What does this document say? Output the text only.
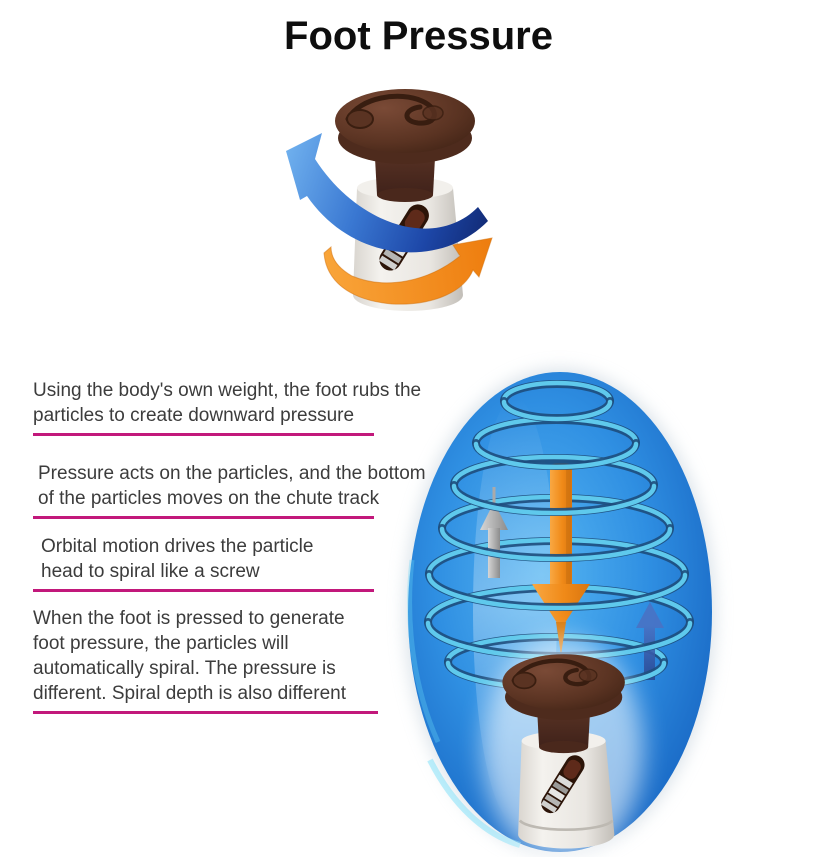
Foot Pressure
Using the body's own weight, the foot rubs the
particles to create downward pressure
Pressure acts on the particles, and the bottom
of the particles moves on the chute track
Orbital motion drives the particle
head to spiral like a screw
When the foot is pressed to generate
foot pressure, the particles will
automatically spiral. The pressure is
different. Spiral depth is also different
